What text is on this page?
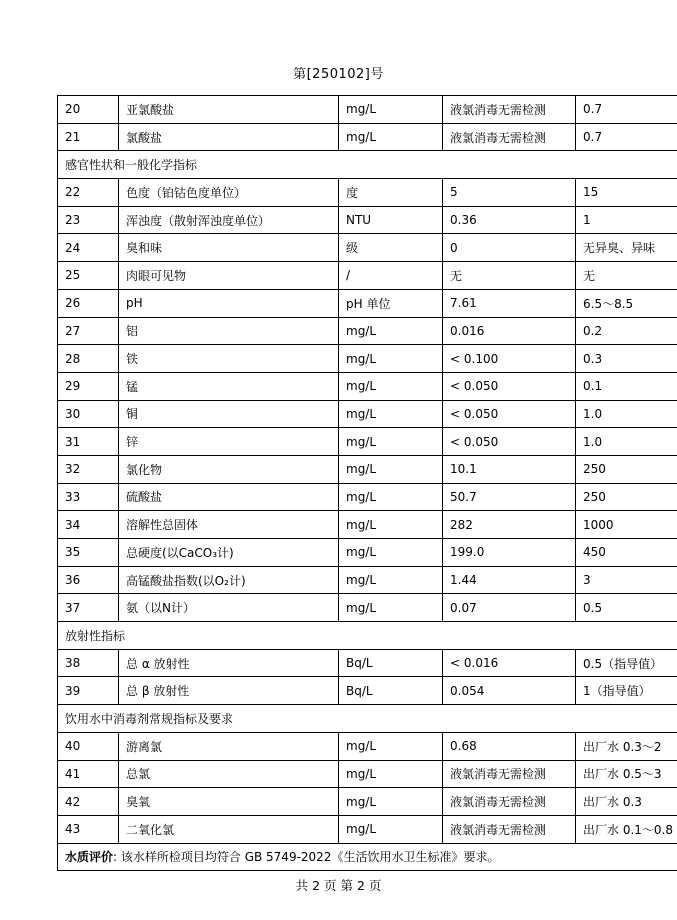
第[250102]号
20	亚氯酸盐	mg/L	液氯消毒无需检测	0.7
21	氯酸盐	mg/L	液氯消毒无需检测	0.7
感官性状和一般化学指标				
22	色度（铂钴色度单位）	度	5	15
23	浑浊度（散射浑浊度单位）	NTU	0.36	1
24	臭和味	级	0	无异臭、异味
25	肉眼可见物	/	无	无
26	pH	pH 单位	7.61	6.5～8.5
27	铝	mg/L	0.016	0.2
28	铁	mg/L	< 0.100	0.3
29	锰	mg/L	< 0.050	0.1
30	铜	mg/L	< 0.050	1.0
31	锌	mg/L	< 0.050	1.0
32	氯化物	mg/L	10.1	250
33	硫酸盐	mg/L	50.7	250
34	溶解性总固体	mg/L	282	1000
35	总硬度(以CaCO₃计)	mg/L	199.0	450
36	高锰酸盐指数(以O₂计)	mg/L	1.44	3
37	氨（以N计）	mg/L	0.07	0.5
放射性指标				
38	总 α 放射性	Bq/L	< 0.016	0.5（指导值）
39	总 β 放射性	Bq/L	0.054	1（指导值）
饮用水中消毒剂常规指标及要求				
40	游离氯	mg/L	0.68	出厂水 0.3～2
41	总氯	mg/L	液氯消毒无需检测	出厂水 0.5～3
42	臭氧	mg/L	液氯消毒无需检测	出厂水 0.3
43	二氧化氯	mg/L	液氯消毒无需检测	出厂水 0.1～0.8
水质评价: 该水样所检项目均符合 GB 5749-2022《生活饮用水卫生标准》要求。				
共 2 页 第 2 页
